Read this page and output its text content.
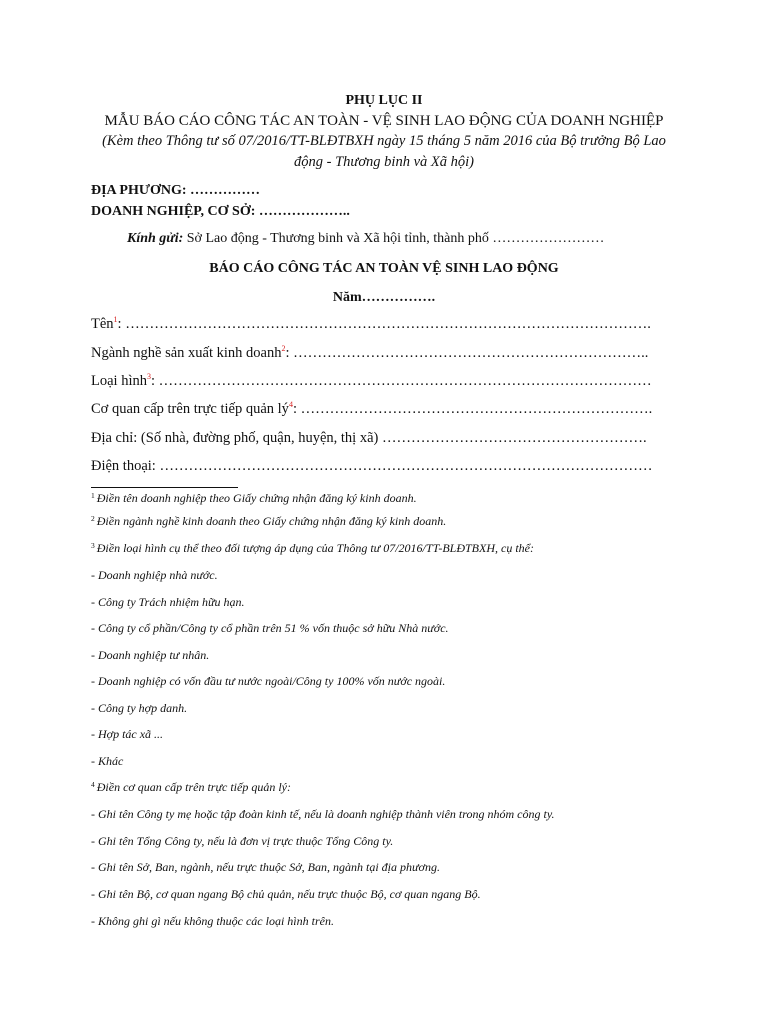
PHỤ LỤC II
MẪU BÁO CÁO CÔNG TÁC AN TOÀN - VỆ SINH LAO ĐỘNG CỦA DOANH NGHIỆP
(Kèm theo Thông tư số 07/2016/TT-BLĐTBXH ngày 15 tháng 5 năm 2016 của Bộ trưởng Bộ Lao
động - Thương binh và Xã hội)
ĐỊA PHƯƠNG: ……………
DOANH NGHIỆP, CƠ SỞ: ………………..
Kính gửi: Sở Lao động - Thương binh và Xã hội tỉnh, thành phố ……………………
BÁO CÁO CÔNG TÁC AN TOÀN VỆ SINH LAO ĐỘNG
Năm…………….
Tên$^1$: ……………………………………………………………………………………………….
Ngành nghề sản xuất kinh doanh$^2$: ………………………………………………………………..
Loại hình$^3$: …………………………………………………………………………………………
Cơ quan cấp trên trực tiếp quản lý$^4$: ……………………………………………………………….
Địa chỉ: (Số nhà, đường phố, quận, huyện, thị xã) ……………………………………………….
Điện thoại: …………………………………………………………………………………………
$^1$ Điền tên doanh nghiệp theo Giấy chứng nhận đăng ký kinh doanh.
$^2$ Điền ngành nghề kinh doanh theo Giấy chứng nhận đăng ký kinh doanh.
$^3$ Điền loại hình cụ thể theo đối tượng áp dụng của Thông tư 07/2016/TT-BLĐTBXH, cụ thể:
- Doanh nghiệp nhà nước.
- Công ty Trách nhiệm hữu hạn.
- Công ty cổ phần/Công ty cổ phần trên 51 % vốn thuộc sở hữu Nhà nước.
- Doanh nghiệp tư nhân.
- Doanh nghiệp có vốn đầu tư nước ngoài/Công ty 100% vốn nước ngoài.
- Công ty hợp danh.
- Hợp tác xã ...
- Khác
$^4$ Điền cơ quan cấp trên trực tiếp quản lý:
- Ghi tên Công ty mẹ hoặc tập đoàn kinh tế, nếu là doanh nghiệp thành viên trong nhóm công ty.
- Ghi tên Tổng Công ty, nếu là đơn vị trực thuộc Tổng Công ty.
- Ghi tên Sở, Ban, ngành, nếu trực thuộc Sở, Ban, ngành tại địa phương.
- Ghi tên Bộ, cơ quan ngang Bộ chủ quản, nếu trực thuộc Bộ, cơ quan ngang Bộ.
- Không ghi gì nếu không thuộc các loại hình trên.
